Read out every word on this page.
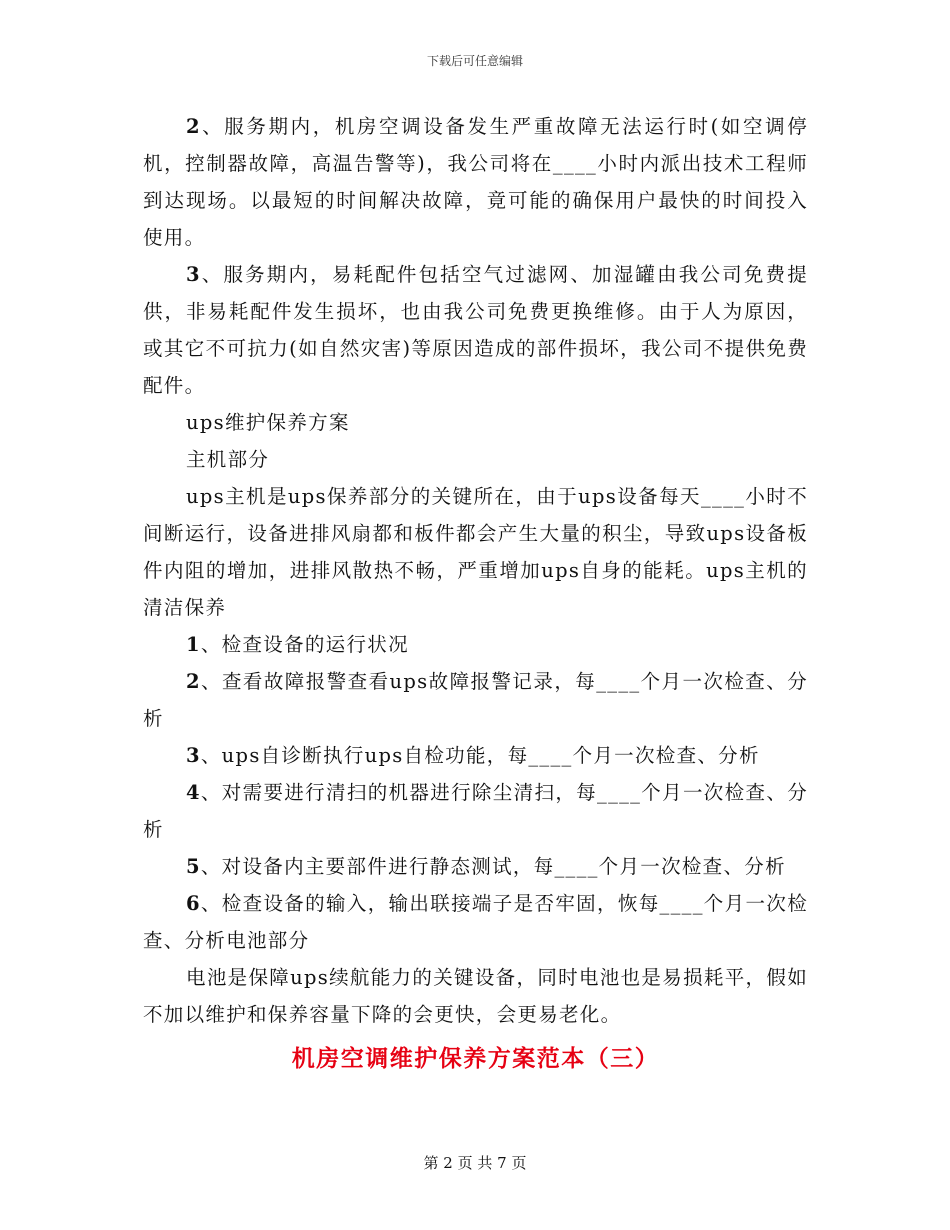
下载后可任意编辑

2、服务期内，机房空调设备发生严重故障无法运行时(如空调停机，控制器故障，高温告警等)，我公司将在____小时内派出技术工程师到达现场。以最短的时间解决故障，竟可能的确保用户最快的时间投入使用。

3、服务期内，易耗配件包括空气过滤网、加湿罐由我公司免费提供，非易耗配件发生损坏，也由我公司免费更换维修。由于人为原因，或其它不可抗力(如自然灾害)等原因造成的部件损坏，我公司不提供免费配件。

ups维护保养方案

主机部分

ups主机是ups保养部分的关键所在，由于ups设备每天____小时不间断运行，设备进排风扇都和板件都会产生大量的积尘，导致ups设备板件内阻的增加，进排风散热不畅，严重增加ups自身的能耗。ups主机的清洁保养

1、检查设备的运行状况

2、查看故障报警查看ups故障报警记录，每____个月一次检查、分析

3、ups自诊断执行ups自检功能，每____个月一次检查、分析

4、对需要进行清扫的机器进行除尘清扫，每____个月一次检查、分析

5、对设备内主要部件进行静态测试，每____个月一次检查、分析

6、检查设备的输入，输出联接端子是否牢固，恢每____个月一次检查、分析电池部分

电池是保障ups续航能力的关键设备，同时电池也是易损耗平，假如不加以维护和保养容量下降的会更快，会更易老化。

机房空调维护保养方案范本（三）
第 2 页 共 7 页
